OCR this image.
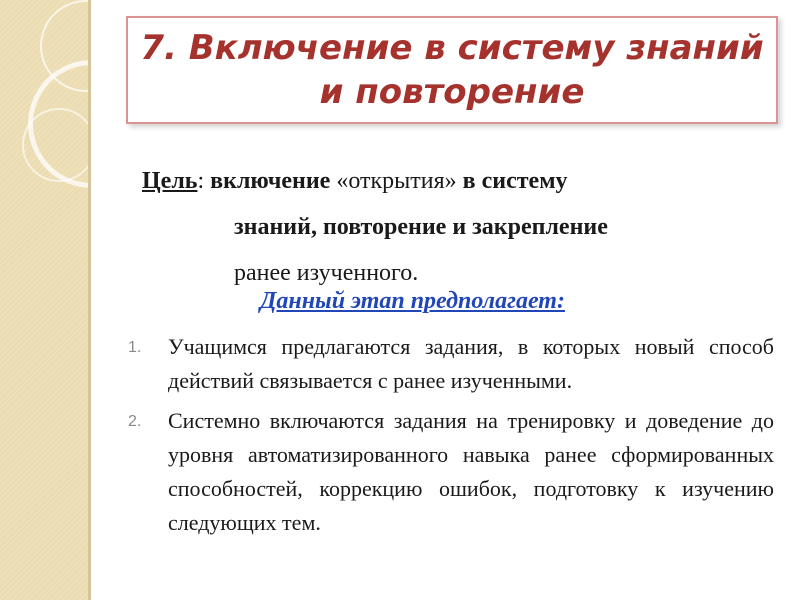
7. Включение в систему знаний
и повторение
Цель: включение «открытия» в систему
знаний, повторение и закрепление
ранее изученного.
Данный этап предполагает:
1.	Учащимся предлагаются задания, в которых новый способ действий связывается с ранее изученными.

2.	Системно включаются задания на тренировку и доведение до уровня автоматизированного навыка ранее сформированных способностей, коррекцию ошибок, подготовку к изучению следующих тем.
